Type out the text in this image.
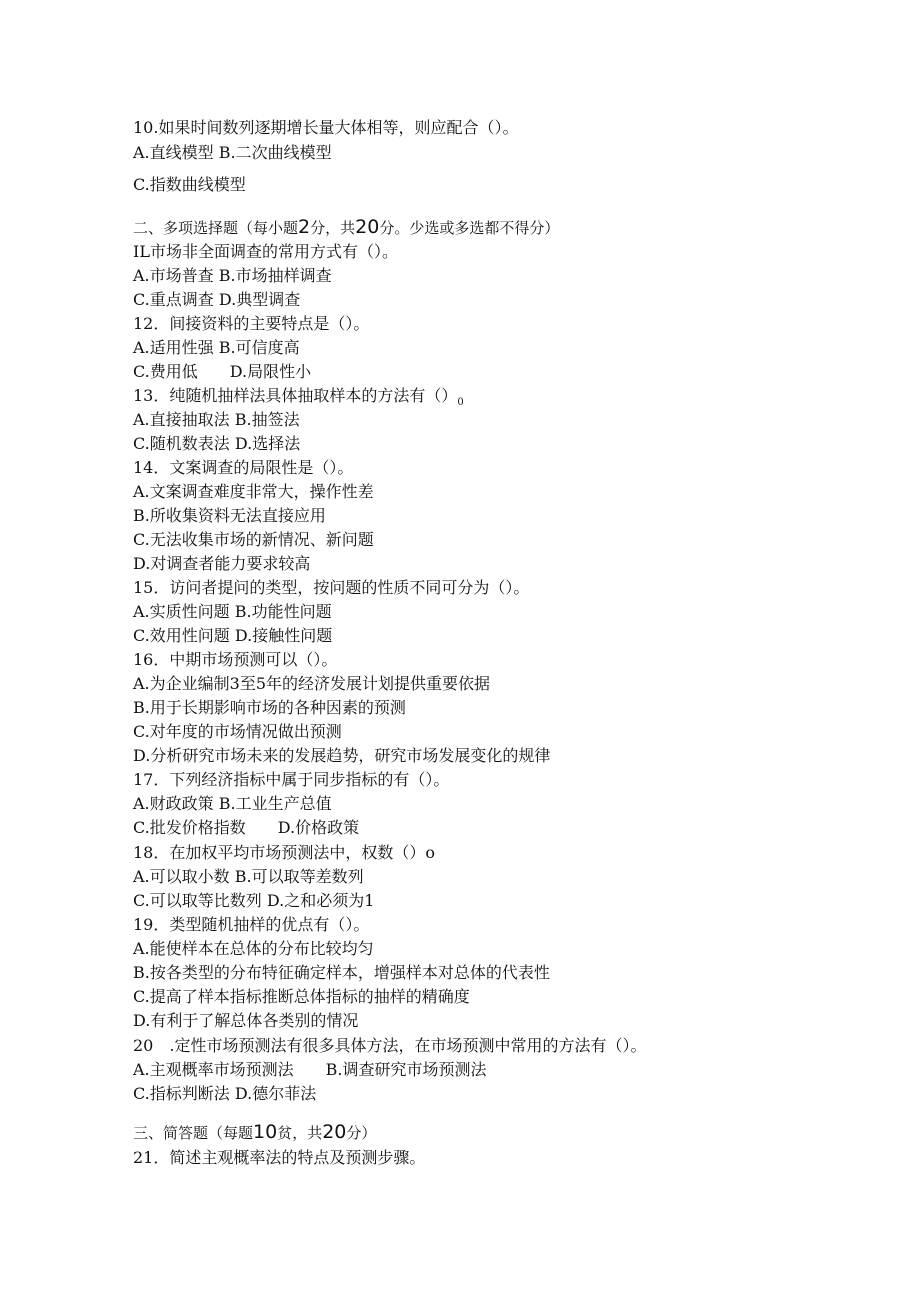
10.如果时间数列逐期增长量大体相等，则应配合（）。

A.直线模型 B.二次曲线模型

C.指数曲线模型

二、多项选择题（每小题2分，共20分。少选或多选都不得分）

IL市场非全面调查的常用方式有（）。

A.市场普查 B.市场抽样调查

C.重点调查 D.典型调查

12．间接资料的主要特点是（）。

A.适用性强 B.可信度高

C.费用低　　D.局限性小

13．纯随机抽样法具体抽取样本的方法有$()_0$

A.直接抽取法 B.抽签法

C.随机数表法 D.选择法

14．文案调查的局限性是（）。

A.文案调查难度非常大，操作性差

B.所收集资料无法直接应用

C.无法收集市场的新情况、新问题

D.对调查者能力要求较高

15．访问者提问的类型，按问题的性质不同可分为（）。

A.实质性问题 B.功能性问题

C.效用性问题 D.接触性问题

16．中期市场预测可以（）。

A.为企业编制3至5年的经济发展计划提供重要依据

B.用于长期影响市场的各种因素的预测

C.对年度的市场情况做出预测

D.分析研究市场未来的发展趋势，研究市场发展变化的规律

17．下列经济指标中属于同步指标的有（）。

A.财政政策 B.工业生产总值

C.批发价格指数　　D.价格政策

18．在加权平均市场预测法中，权数（）o

A.可以取小数 B.可以取等差数列

C.可以取等比数列 D.之和必须为1

19．类型随机抽样的优点有（）。

A.能使样本在总体的分布比较均匀

B.按各类型的分布特征确定样本，增强样本对总体的代表性

C.提高了样本指标推断总体指标的抽样的精确度

D.有利于了解总体各类别的情况

20　.定性市场预测法有很多具体方法，在市场预测中常用的方法有（）。

A.主观概率市场预测法　　B.调查研究市场预测法

C.指标判断法 D.德尔菲法

三、简答题（每题10贫，共20分）

21．简述主观概率法的特点及预测步骤。
